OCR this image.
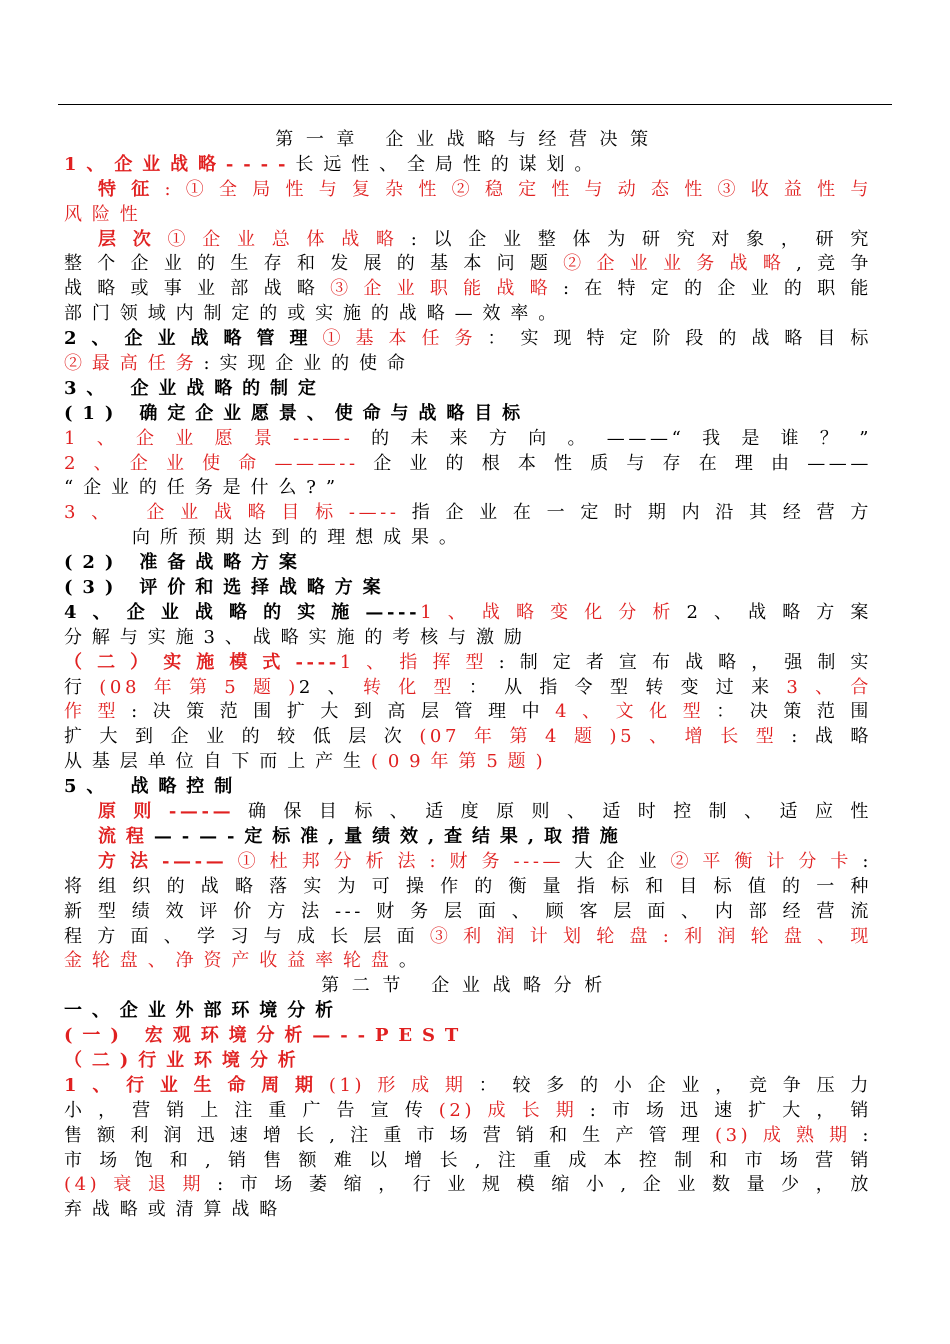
第一章 企业战略与经营决策
1、企业战略----长远性、全局性的谋划。
特征:①全局性与复杂性②稳定性与动态性③收益性与
风险性
层次①企业总体战略:以企业整体为研究对象，研究
整个企业的生存和发展的基本问题②企业业务战略,竞争
战略或事业部战略③企业职能战略:在特定的企业的职能
部门领域内制定的或实施的战略—效率。
2、企业战略管理①基本任务：实现特定阶段的战略目标
②最高任务:实现企业的使命
3、 企业战略的制定
(1) 确定企业愿景、使命与战略目标
1、企业愿景---—-的未来方向。———“我是谁？”
2、企业使命———--企业的根本性质与存在理由———
“企业的任务是什么?”
3、 企业战略目标-—--指企业在一定时期内沿其经营方
向所预期达到的理想成果。
(2) 准备战略方案
(3) 评价和选择战略方案
4、企业战略的实施—---1、战略变化分析2、战略方案
分解与实施3、战略实施的考核与激励
（二）实施模式----1、指挥型:制定者宣布战略，强制实
行(08年第5题)2、转化型：从指令型转变过来3、合
作型:决策范围扩大到高层管理中4、文化型：决策范围
扩大到企业的较低层次(07年第4题)5、增长型:战略
从基层单位自下而上产生(09年第5题)
5、 战略控制
原则-—-—确保目标、适度原则、适时控制、适应性
流程—-—-定标准,量绩效,查结果,取措施
方法-—-—①杜邦分析法:财务---—大企业②平衡计分卡:
将组织的战略落实为可操作的衡量指标和目标值的一种
新型绩效评价方法---财务层面、顾客层面、内部经营流
程方面、学习与成长层面③利润计划轮盘:利润轮盘、现
金轮盘、净资产收益率轮盘。
第二节 企业战略分析
一、企业外部环境分析
(一) 宏观环境分析—--PEST
（二)行业环境分析
1、行业生命周期(1)形成期：较多的小企业，竞争压力
小，营销上注重广告宣传(2)成长期:市场迅速扩大，销
售额利润迅速增长,注重市场营销和生产管理(3)成熟期:
市场饱和,销售额难以增长,注重成本控制和市场营销
(4)衰退期:市场萎缩，行业规模缩小,企业数量少，放
弃战略或清算战略
